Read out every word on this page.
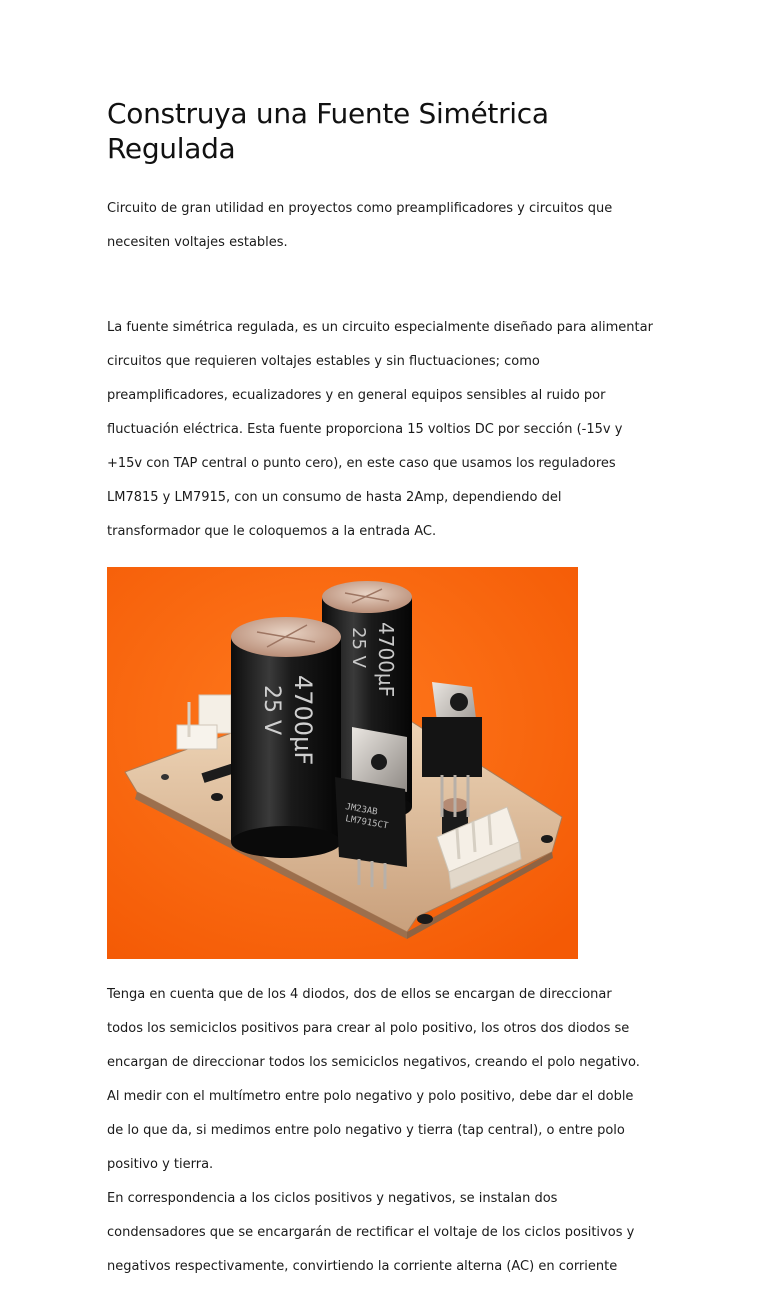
Construya una Fuente Simétrica
Regulada

Circuito de gran utilidad en proyectos como preamplificadores y circuitos que

necesiten voltajes estables.

La fuente simétrica regulada, es un circuito especialmente diseñado para alimentar

circuitos que requieren voltajes estables y sin fluctuaciones; como

preamplificadores, ecualizadores y en general equipos sensibles al ruido por

fluctuación eléctrica. Esta fuente proporciona 15 voltios DC por sección (-15v y

+15v con TAP central o punto cero), en este caso que usamos los reguladores

LM7815 y LM7915, con un consumo de hasta 2Amp, dependiendo del

transformador que le coloquemos a la entrada AC.

4700µF
25 V
4700µF
25 V
JM23AB
LM7915CT

Tenga en cuenta que de los 4 diodos, dos de ellos se encargan de direccionar

todos los semiciclos positivos para crear al polo positivo, los otros dos diodos se

encargan de direccionar todos los semiciclos negativos, creando el polo negativo.

Al medir con el multímetro entre polo negativo y polo positivo, debe dar el doble

de lo que da, si medimos entre polo negativo y tierra (tap central), o entre polo

positivo y tierra.

En correspondencia a los ciclos positivos y negativos, se instalan dos

condensadores que se encargarán de rectificar el voltaje de los ciclos positivos y

negativos respectivamente, convirtiendo la corriente alterna (AC) en corriente
